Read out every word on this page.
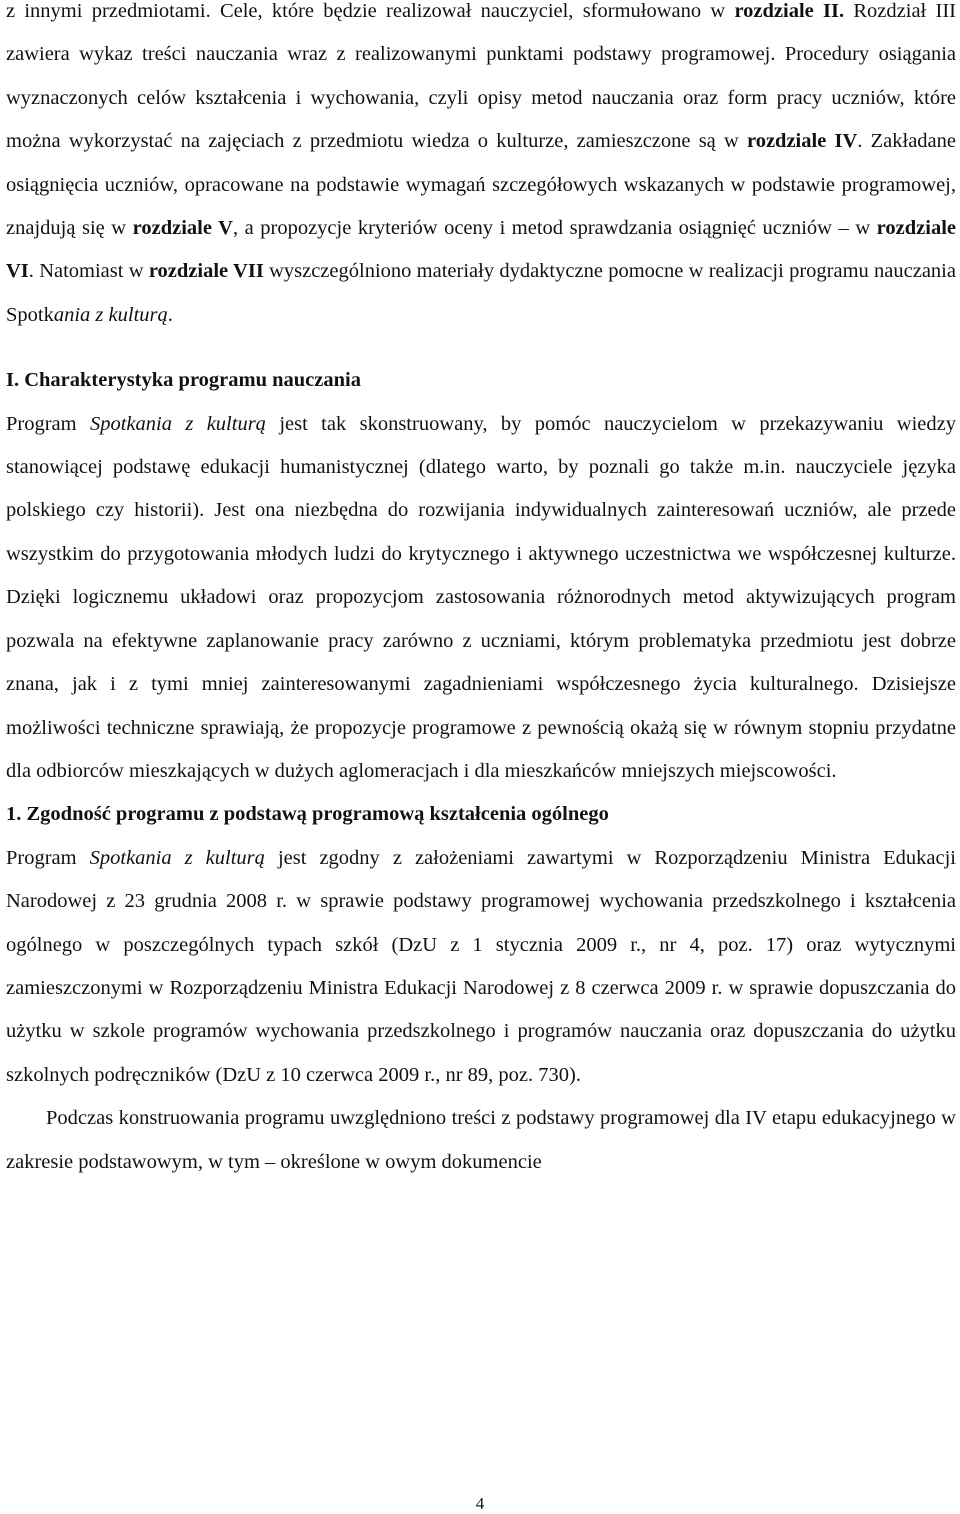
z innymi przedmiotami. Cele, które będzie realizował nauczyciel, sformułowano w rozdziale II. Rozdział III zawiera wykaz treści nauczania wraz z realizowanymi punktami podstawy programowej. Procedury osiągania wyznaczonych celów kształcenia i wychowania, czyli opisy metod nauczania oraz form pracy uczniów, które można wykorzystać na zajęciach z przedmiotu wiedza o kulturze, zamieszczone są w rozdziale IV. Zakładane osiągnięcia uczniów, opracowane na podstawie wymagań szczegółowych wskazanych w podstawie programowej, znajdują się w rozdziale V, a propozycje kryteriów oceny i metod sprawdzania osiągnięć uczniów – w rozdziale VI. Natomiast w rozdziale VII wyszczególniono materiały dydaktyczne pomocne w realizacji programu nauczania Spotkania z kulturą.

I. Charakterystyka programu nauczania

Program Spotkania z kulturą jest tak skonstruowany, by pomóc nauczycielom w przekazywaniu wiedzy stanowiącej podstawę edukacji humanistycznej (dlatego warto, by poznali go także m.in. nauczyciele języka polskiego czy historii). Jest ona niezbędna do rozwijania indywidualnych zainteresowań uczniów, ale przede wszystkim do przygotowania młodych ludzi do krytycznego i aktywnego uczestnictwa we współczesnej kulturze. Dzięki logicznemu układowi oraz propozycjom zastosowania różnorodnych metod aktywizujących program pozwala na efektywne zaplanowanie pracy zarówno z uczniami, którym problematyka przedmiotu jest dobrze znana, jak i z tymi mniej zainteresowanymi zagadnieniami współczesnego życia kulturalnego. Dzisiejsze możliwości techniczne sprawiają, że propozycje programowe z pewnością okażą się w równym stopniu przydatne dla odbiorców mieszkających w dużych aglomeracjach i dla mieszkańców mniejszych miejscowości.

1. Zgodność programu z podstawą programową kształcenia ogólnego

Program Spotkania z kulturą jest zgodny z założeniami zawartymi w Rozporządzeniu Ministra Edukacji Narodowej z 23 grudnia 2008 r. w sprawie podstawy programowej wychowania przedszkolnego i kształcenia ogólnego w poszczególnych typach szkół (DzU z 1 stycznia 2009 r., nr 4, poz. 17) oraz wytycznymi zamieszczonymi w Rozporządzeniu Ministra Edukacji Narodowej z 8 czerwca 2009 r. w sprawie dopuszczania do użytku w szkole programów wychowania przedszkolnego i programów nauczania oraz dopuszczania do użytku szkolnych podręczników (DzU z 10 czerwca 2009 r., nr 89, poz. 730).

Podczas konstruowania programu uwzględniono treści z podstawy programowej dla IV etapu edukacyjnego w zakresie podstawowym, w tym – określone w owym dokumencie

4
